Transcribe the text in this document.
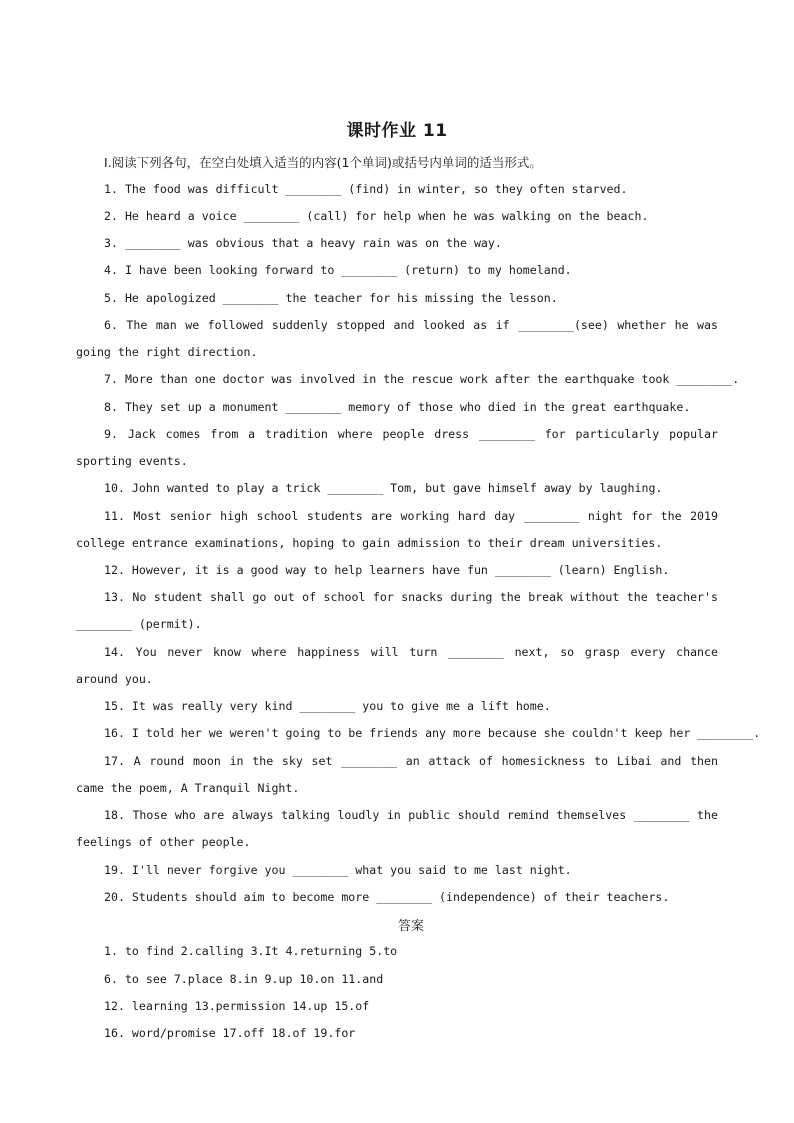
课时作业 11
Ⅰ.阅读下列各句，在空白处填入适当的内容(1个单词)或括号内单词的适当形式。
1. The food was difficult ________ (find) in winter, so they often starved.
2. He heard a voice ________ (call) for help when he was walking on the beach.
3. ________ was obvious that a heavy rain was on the way.
4. I have been looking forward to ________ (return) to my homeland.
5. He apologized ________ the teacher for his missing the lesson.
6. The man we followed suddenly stopped and looked as if ________(see) whether he was going the right direction.
7. More than one doctor was involved in the rescue work after the earthquake took ________.
8. They set up a monument ________ memory of those who died in the great earthquake.
9. Jack comes from a tradition where people dress ________ for particularly popular sporting events.
10. John wanted to play a trick ________ Tom, but gave himself away by laughing.
11. Most senior high school students are working hard day ________ night for the 2019 college entrance examinations, hoping to gain admission to their dream universities.
12. However, it is a good way to help learners have fun ________ (learn) English.
13. No student shall go out of school for snacks during the break without the teacher's ________ (permit).
14. You never know where happiness will turn ________ next, so grasp every chance around you.
15. It was really very kind ________ you to give me a lift home.
16. I told her we weren't going to be friends any more because she couldn't keep her ________.
17. A round moon in the sky set ________ an attack of homesickness to Libai and then came the poem, A Tranquil Night.
18. Those who are always talking loudly in public should remind themselves ________ the feelings of other people.
19. I'll never forgive you ________ what you said to me last night.
20. Students should aim to become more ________ (independence) of their teachers.
答案
1. to find 2.calling 3.It 4.returning 5.to
6. to see 7.place 8.in 9.up 10.on 11.and
12. learning 13.permission 14.up 15.of
16. word/promise 17.off 18.of 19.for
